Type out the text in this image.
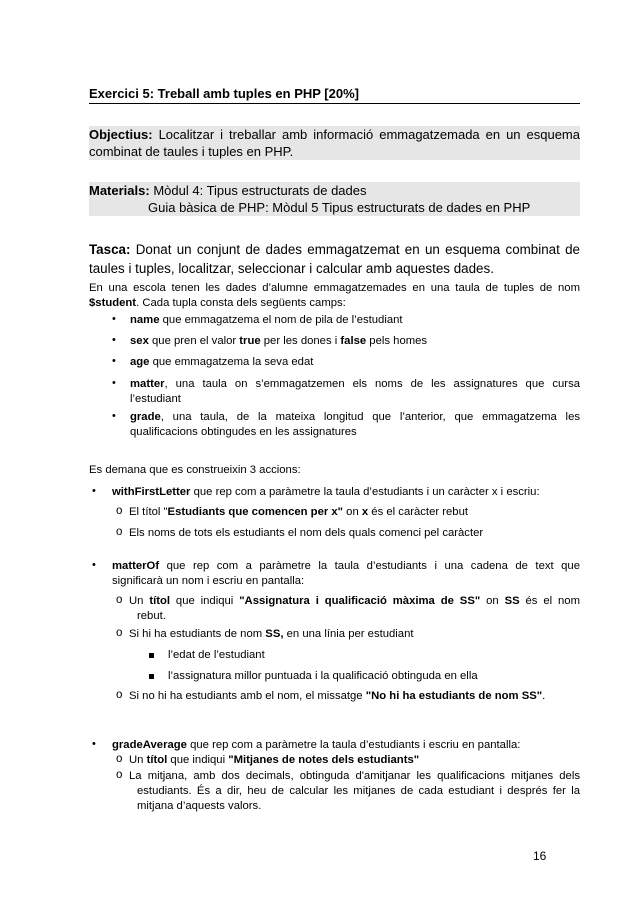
Exercici 5: Treball amb tuples en PHP [20%]
Objectius: Localitzar i treballar amb informació emmagatzemada en un esquema
combinat de taules i tuples en PHP.
Materials: Mòdul 4: Tipus estructurats de dades
Guia bàsica de PHP: Mòdul 5 Tipus estructurats de dades en PHP
Tasca: Donat un conjunt de dades emmagatzemat en un esquema combinat de
taules i tuples, localitzar, seleccionar i calcular amb aquestes dades.
En una escola tenen les dades d’alumne emmagatzemades en una taula de tuples de nom
$student. Cada tupla consta dels següents camps:
• name que emmagatzema el nom de pila de l’estudiant
• sex que pren el valor true per les dones i false pels homes
• age que emmagatzema la seva edat
• matter, una taula on s’emmagatzemen els noms de les assignatures que cursa
l’estudiant
• grade, una taula, de la mateixa longitud que l’anterior, que emmagatzema les
qualificacions obtingudes en les assignatures
Es demana que es construeixin 3 accions:
• withFirstLetter que rep com a paràmetre la taula d’estudiants i un caràcter x i escriu:
o El títol "Estudiants que comencen per x" on x és el caràcter rebut
o Els noms de tots els estudiants el nom dels quals comenci pel caràcter
• matterOf que rep com a paràmetre la taula d’estudiants i una cadena de text que
significarà un nom i escriu en pantalla:
o Un títol que indiqui "Assignatura i qualificació màxima de SS" on SS és el nom
rebut.
o Si hi ha estudiants de nom SS, en una línia per estudiant
l’edat de l’estudiant
l’assignatura millor puntuada i la qualificació obtinguda en ella
o Si no hi ha estudiants amb el nom, el missatge "No hi ha estudiants de nom SS".
• gradeAverage que rep com a paràmetre la taula d’estudiants i escriu en pantalla:
o Un títol que indiqui "Mitjanes de notes dels estudiants"
o La mitjana, amb dos decimals, obtinguda d'amitjanar les qualificacions mitjanes dels
estudiants. És a dir, heu de calcular les mitjanes de cada estudiant i després fer la
mitjana d’aquests valors.
16
